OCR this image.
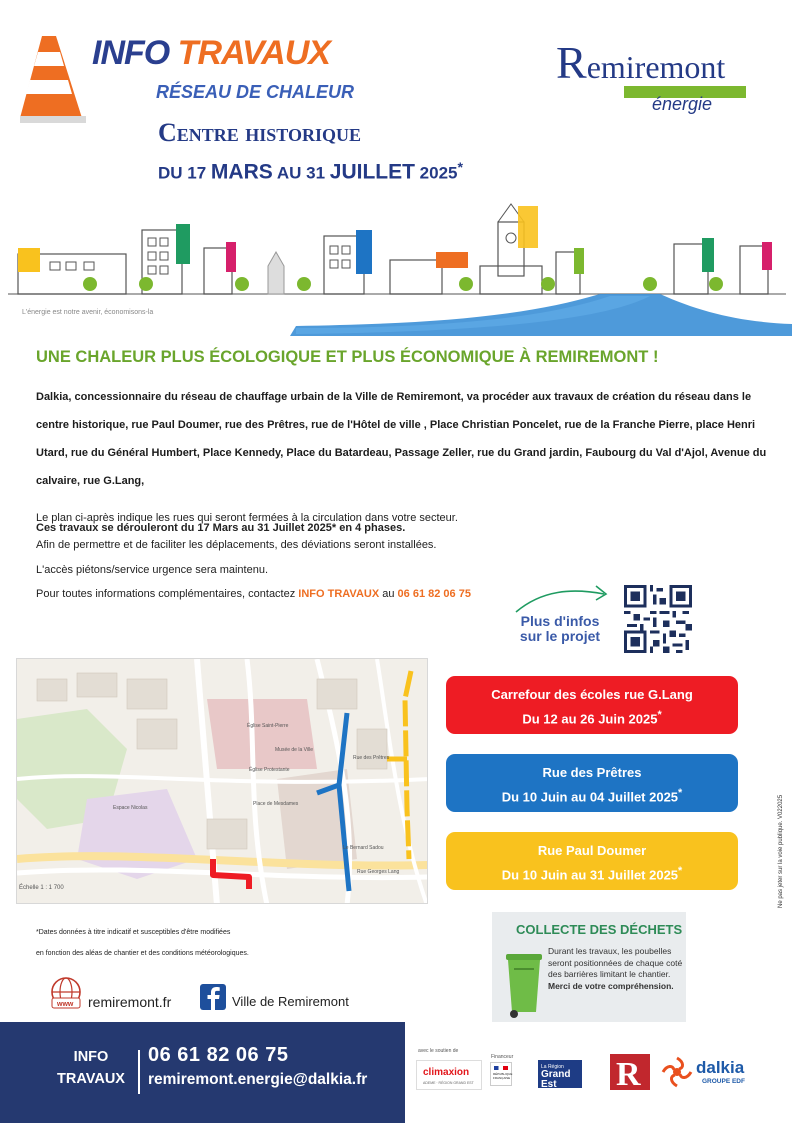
INFO TRAVAUX
RÉSEAU DE CHALEUR
Remiremont
énergie
Centre historique
DU 17 MARS AU 31 JUILLET 2025*
L'énergie est notre avenir, économisons-la
UNE CHALEUR PLUS ÉCOLOGIQUE ET PLUS ÉCONOMIQUE À REMIREMONT !
Dalkia, concessionnaire du réseau de chauffage urbain de la Ville de Remiremont, va procéder aux travaux de création du réseau dans le centre historique, rue Paul Doumer, rue des Prêtres, rue de l'Hôtel de ville , Place Christian Poncelet, rue de la Franche Pierre, place Henri Utard, rue du Général Humbert, Place Kennedy, Place du Batardeau, Passage Zeller, rue du Grand jardin, Faubourg du Val d'Ajol, Avenue du calvaire, rue G.Lang,
Le plan ci-après indique les rues qui seront fermées à la circulation dans votre secteur.
Ces travaux se dérouleront du 17 Mars au 31 Juillet 2025* en 4 phases.
Afin de permettre et de faciliter les déplacements, des déviations seront installées.
L'accès piétons/service urgence sera maintenu.
Pour toutes informations complémentaires, contactez INFO TRAVAUX au 06 61 82 06 75
Plus d'infos
sur le projet
Église Saint-Pierre
Église Protestante
Place de Mesdames
Le Bernard Sadou
Rue Georges Lang
Musée de la Ville
Espace Nicolas
Rue des Prêtres
Échelle 1 : 1 700
Carrefour des écoles rue G.Lang
Du 12 au 26 Juin 2025*
Rue des Prêtres
Du 10 Juin au 04 Juillet 2025*
Rue Paul Doumer
Du 10 Juin au 31 Juillet 2025*
*Dates données à titre indicatif et susceptibles d'être modifiées
en fonction des aléas de chantier et des conditions météorologiques.
www remiremont.fr	Ville de Remiremont
COLLECTE DES DÉCHETS
Durant les travaux, les poubelles seront positionnées de chaque coté des barrières limitant le chantier.
Merci de votre compréhension.
INFO
TRAVAUX
06 61 82 06 75
remiremont.energie@dalkia.fr
avec le soutien de
Financeur
climaxion
ADEME · RÉGION GRAND EST
RÉPUBLIQUE FRANÇAISE
La Région
Grand Est	R	dalkia
GROUPE EDF
Ne pas jeter sur la voie publique. V022025
